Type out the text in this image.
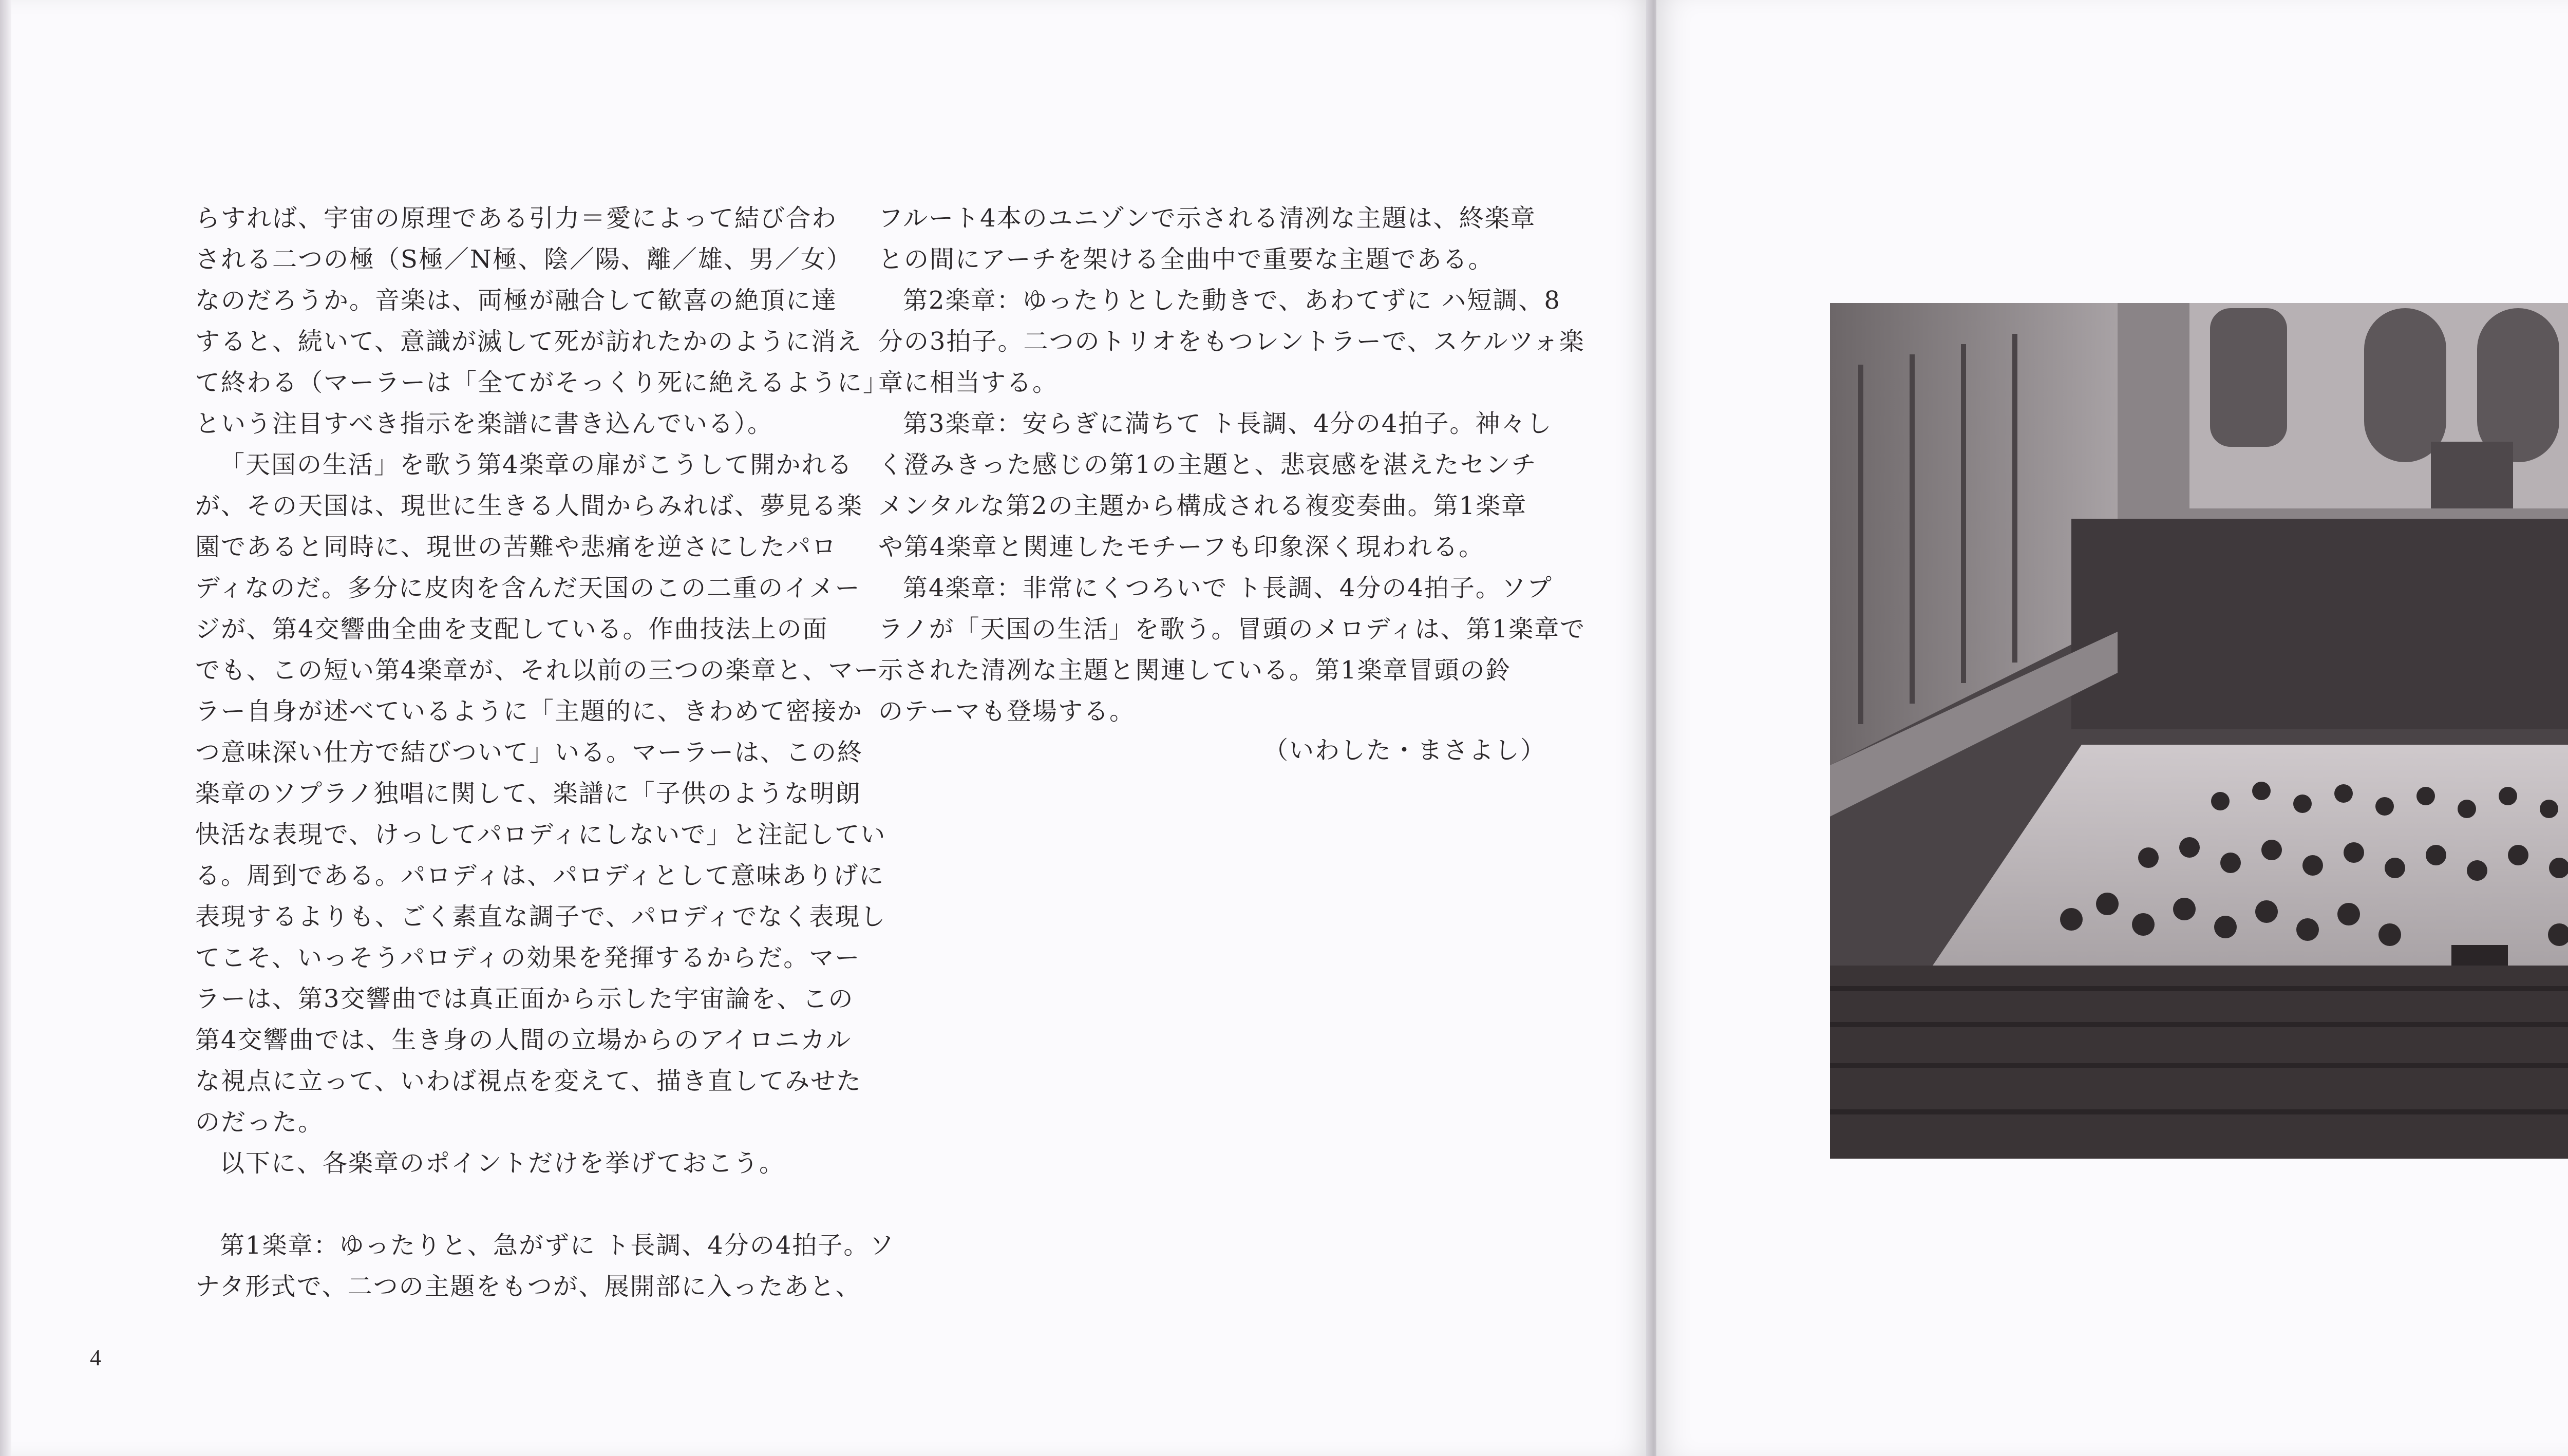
らすれば、宇宙の原理である引力＝愛によって結び合わ
される二つの極（S極／N極、陰／陽、離／雄、男／女）
なのだろうか。音楽は、両極が融合して歓喜の絶頂に達
すると、続いて、意識が滅して死が訪れたかのように消え
て終わる（マーラーは「全てがそっくり死に絶えるように」
という注目すべき指示を楽譜に書き込んでいる）。
「天国の生活」を歌う第4楽章の扉がこうして開かれる
が、その天国は、現世に生きる人間からみれば、夢見る楽
園であると同時に、現世の苦難や悲痛を逆さにしたパロ
ディなのだ。多分に皮肉を含んだ天国のこの二重のイメー
ジが、第4交響曲全曲を支配している。作曲技法上の面
でも、この短い第4楽章が、それ以前の三つの楽章と、マー
ラー自身が述べているように「主題的に、きわめて密接か
つ意味深い仕方で結びついて」いる。マーラーは、この終
楽章のソプラノ独唱に関して、楽譜に「子供のような明朗
快活な表現で、けっしてパロディにしないで」と注記してい
る。周到である。パロディは、パロディとして意味ありげに
表現するよりも、ごく素直な調子で、パロディでなく表現し
てこそ、いっそうパロディの効果を発揮するからだ。マー
ラーは、第3交響曲では真正面から示した宇宙論を、この
第4交響曲では、生き身の人間の立場からのアイロニカル
な視点に立って、いわば視点を変えて、描き直してみせた
のだった。
以下に、各楽章のポイントだけを挙げておこう。
第1楽章：ゆったりと、急がずに ト長調、4分の4拍子。ソ
ナタ形式で、二つの主題をもつが、展開部に入ったあと、
フルート4本のユニゾンで示される清冽な主題は、終楽章
との間にアーチを架ける全曲中で重要な主題である。
第2楽章：ゆったりとした動きで、あわてずに ハ短調、8
分の3拍子。二つのトリオをもつレントラーで、スケルツォ楽
章に相当する。
第3楽章：安らぎに満ちて ト長調、4分の4拍子。神々し
く澄みきった感じの第1の主題と、悲哀感を湛えたセンチ
メンタルな第2の主題から構成される複変奏曲。第1楽章
や第4楽章と関連したモチーフも印象深く現われる。
第4楽章：非常にくつろいで ト長調、4分の4拍子。ソプ
ラノが「天国の生活」を歌う。冒頭のメロディは、第1楽章で
示された清冽な主題と関連している。第1楽章冒頭の鈴
のテーマも登場する。
（いわした・まさよし）
4
